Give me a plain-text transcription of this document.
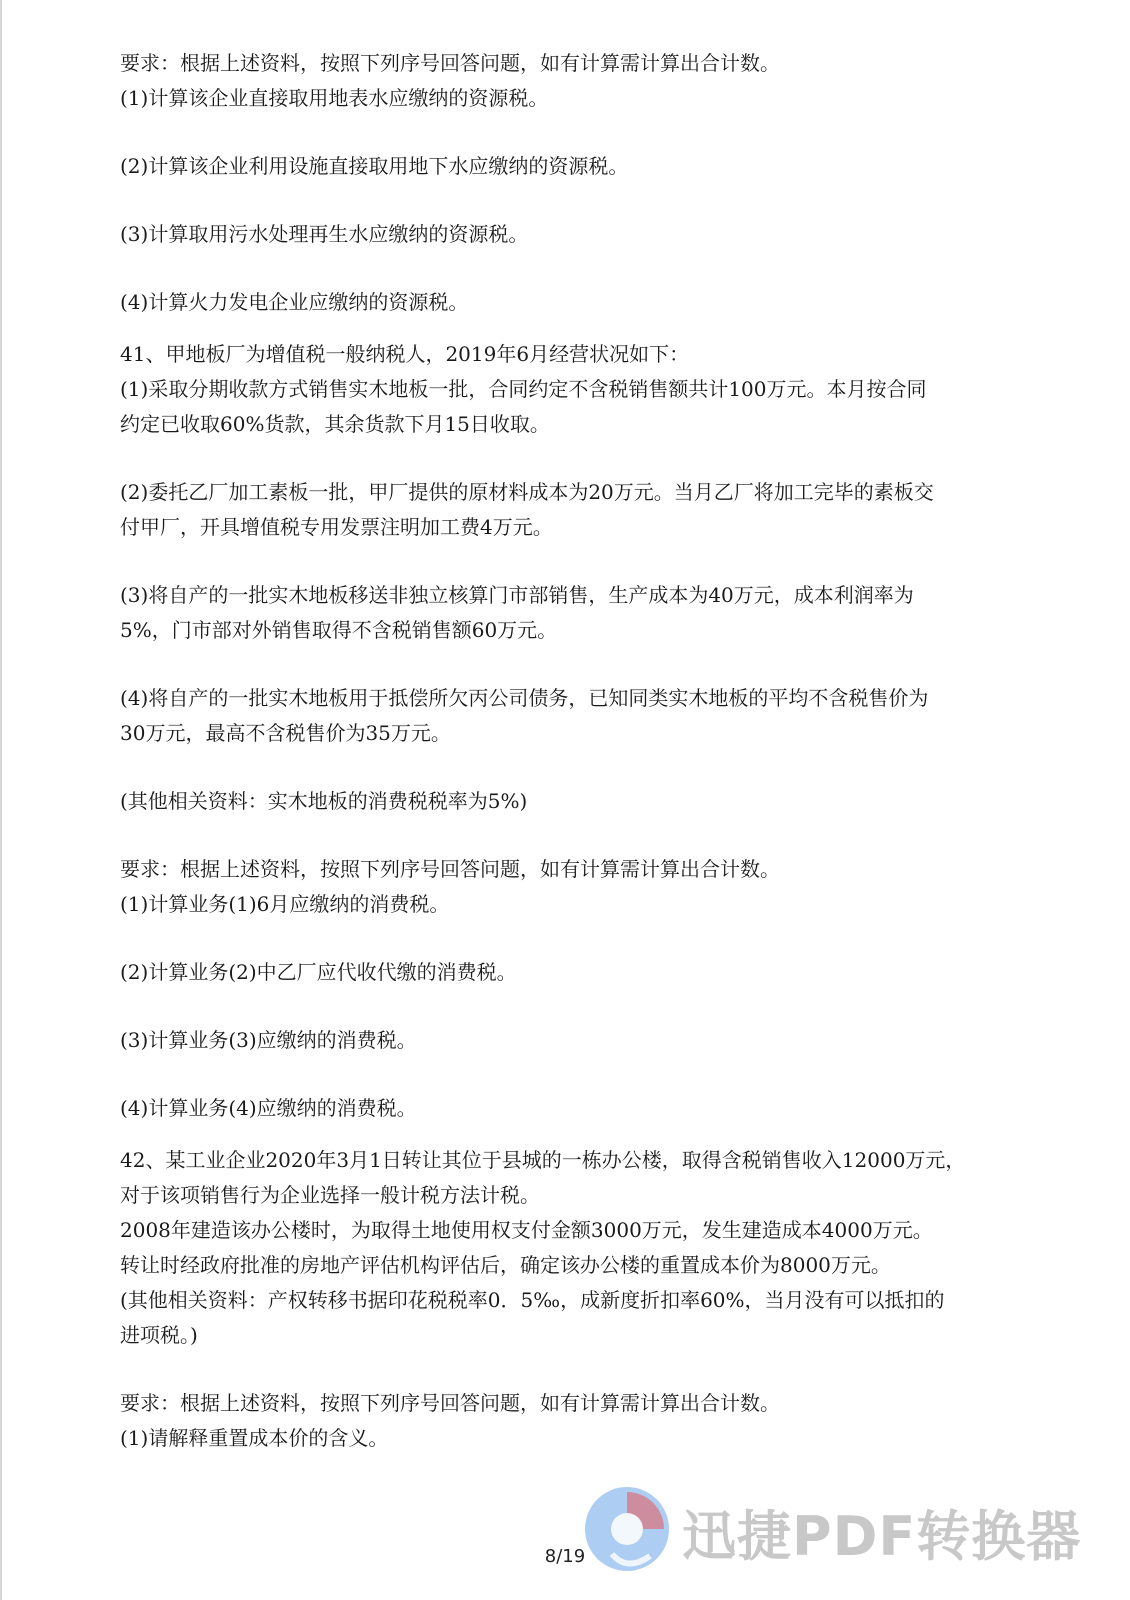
要求：根据上述资料，按照下列序号回答问题，如有计算需计算出合计数。

(1)计算该企业直接取用地表水应缴纳的资源税。

(2)计算该企业利用设施直接取用地下水应缴纳的资源税。

(3)计算取用污水处理再生水应缴纳的资源税。

(4)计算火力发电企业应缴纳的资源税。

41、甲地板厂为增值税一般纳税人，2019年6月经营状况如下：

(1)采取分期收款方式销售实木地板一批，合同约定不含税销售额共计100万元。本月按合同

约定已收取60%货款，其余货款下月15日收取。

(2)委托乙厂加工素板一批，甲厂提供的原材料成本为20万元。当月乙厂将加工完毕的素板交

付甲厂，开具增值税专用发票注明加工费4万元。

(3)将自产的一批实木地板移送非独立核算门市部销售，生产成本为40万元，成本利润率为

5%，门市部对外销售取得不含税销售额60万元。

(4)将自产的一批实木地板用于抵偿所欠丙公司债务，已知同类实木地板的平均不含税售价为

30万元，最高不含税售价为35万元。

(其他相关资料：实木地板的消费税税率为5%)

要求：根据上述资料，按照下列序号回答问题，如有计算需计算出合计数。

(1)计算业务(1)6月应缴纳的消费税。

(2)计算业务(2)中乙厂应代收代缴的消费税。

(3)计算业务(3)应缴纳的消费税。

(4)计算业务(4)应缴纳的消费税。

42、某工业企业2020年3月1日转让其位于县城的一栋办公楼，取得含税销售收入12000万元，

对于该项销售行为企业选择一般计税方法计税。

2008年建造该办公楼时，为取得土地使用权支付金额3000万元，发生建造成本4000万元。

转让时经政府批准的房地产评估机构评估后，确定该办公楼的重置成本价为8000万元。

(其他相关资料：产权转移书据印花税税率0．5‰，成新度折扣率60%，当月没有可以抵扣的

进项税。)

要求：根据上述资料，按照下列序号回答问题，如有计算需计算出合计数。

(1)请解释重置成本价的含义。

迅捷PDF转换器
8/19
